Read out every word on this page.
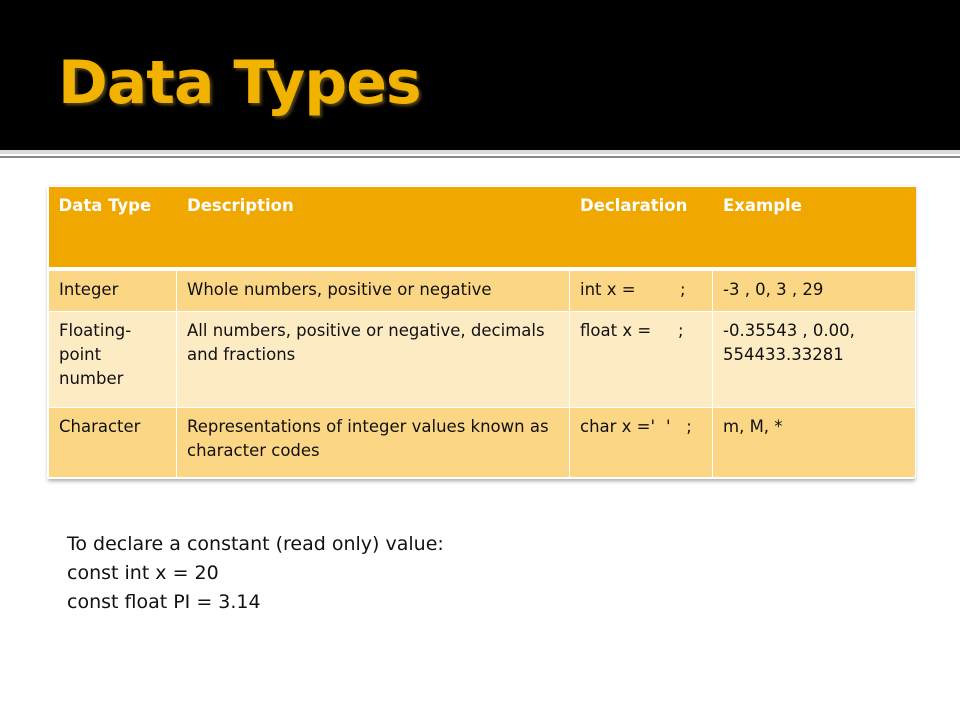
Data Types
Data Type	Description	Declaration	Example
Integer	Whole numbers, positive or negative	int x = ;	-3 , 0, 3 , 29
Floating-point number	All numbers, positive or negative, decimals and fractions	float x = ;	-0.35543 , 0.00, 554433.33281
Character	Representations of integer values known as character codes	char x =' '   ;	m, M, *
To declare a constant (read only) value:
const int x = 20
const float PI = 3.14
